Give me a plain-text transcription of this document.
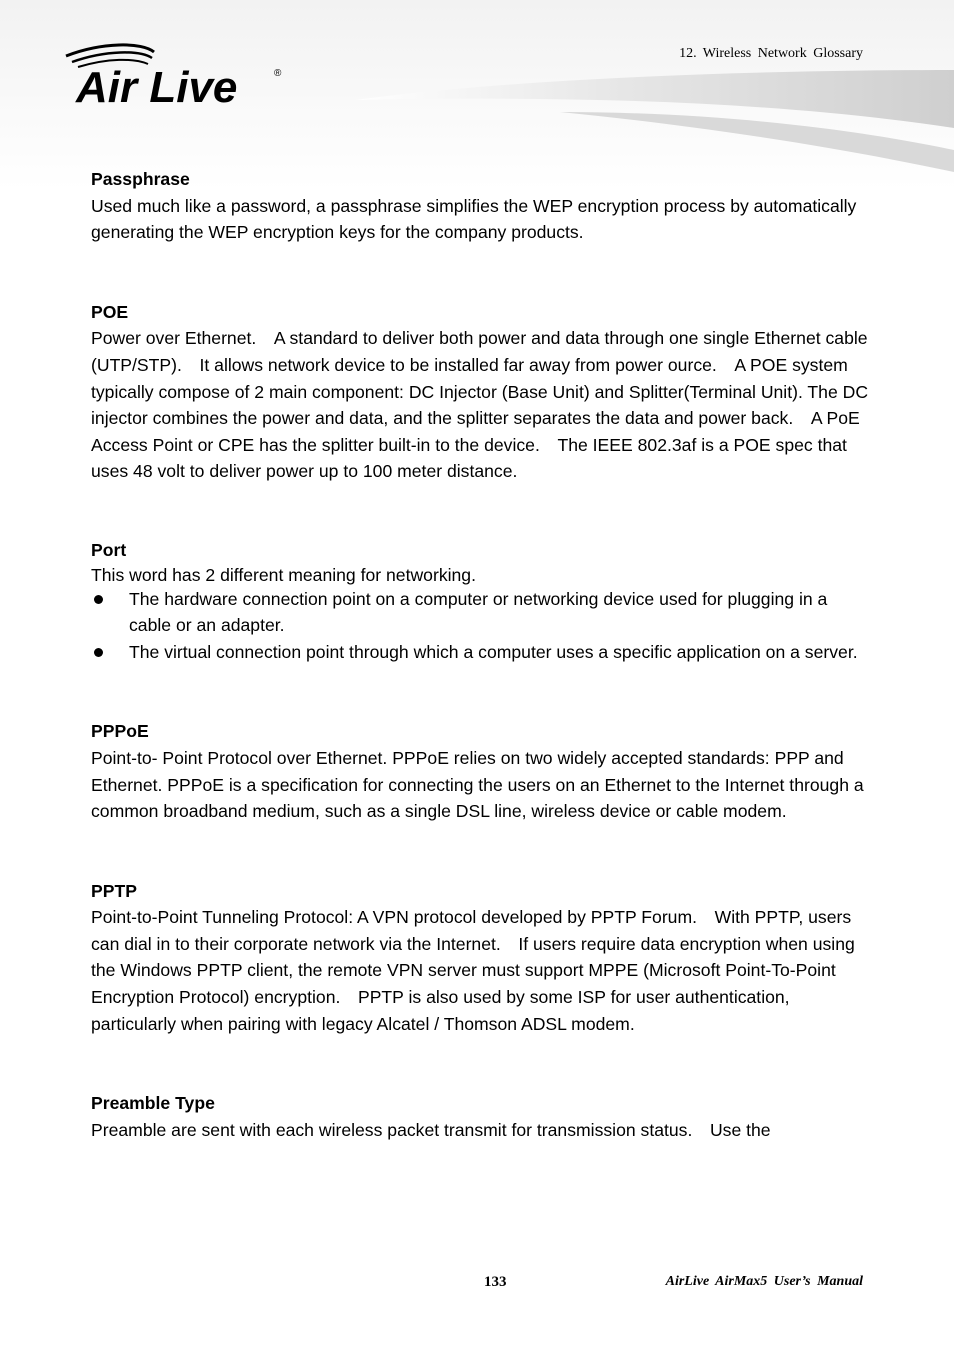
Air Live	®
12. Wireless Network Glossary

Passphrase

Used much like a password, a passphrase simplifies the WEP encryption process by automatically generating the WEP encryption keys for the company products.

POE

Power over Ethernet.　A standard to deliver both power and data through one single Ethernet cable (UTP/STP).　It allows network device to be installed far away from power ource.　A POE system typically compose of 2 main component: DC Injector (Base Unit) and Splitter(Terminal Unit). The DC injector combines the power and data, and the splitter separates the data and power back.　A PoE Access Point or CPE has the splitter built-in to the device.　The IEEE 802.3af is a POE spec that uses 48 volt to deliver power up to 100 meter distance.

Port

This word has 2 different meaning for networking.

The hardware connection point on a computer or networking device used for plugging in a cable or an adapter.
The virtual connection point through which a computer uses a specific application on a server.

PPPoE

Point-to- Point Protocol over Ethernet. PPPoE relies on two widely accepted standards: PPP and Ethernet. PPPoE is a specification for connecting the users on an Ethernet to the Internet through a common broadband medium, such as a single DSL line, wireless device or cable modem.

PPTP

Point-to-Point Tunneling Protocol: A VPN protocol developed by PPTP Forum.　With PPTP, users can dial in to their corporate network via the Internet.　If users require data encryption when using the Windows PPTP client, the remote VPN server must support MPPE (Microsoft Point-To-Point Encryption Protocol) encryption.　PPTP is also used by some ISP for user authentication, particularly when pairing with legacy Alcatel / Thomson ADSL modem.

Preamble Type

Preamble are sent with each wireless packet transmit for transmission status.　Use the

133	AirLive AirMax5 User’s Manual
